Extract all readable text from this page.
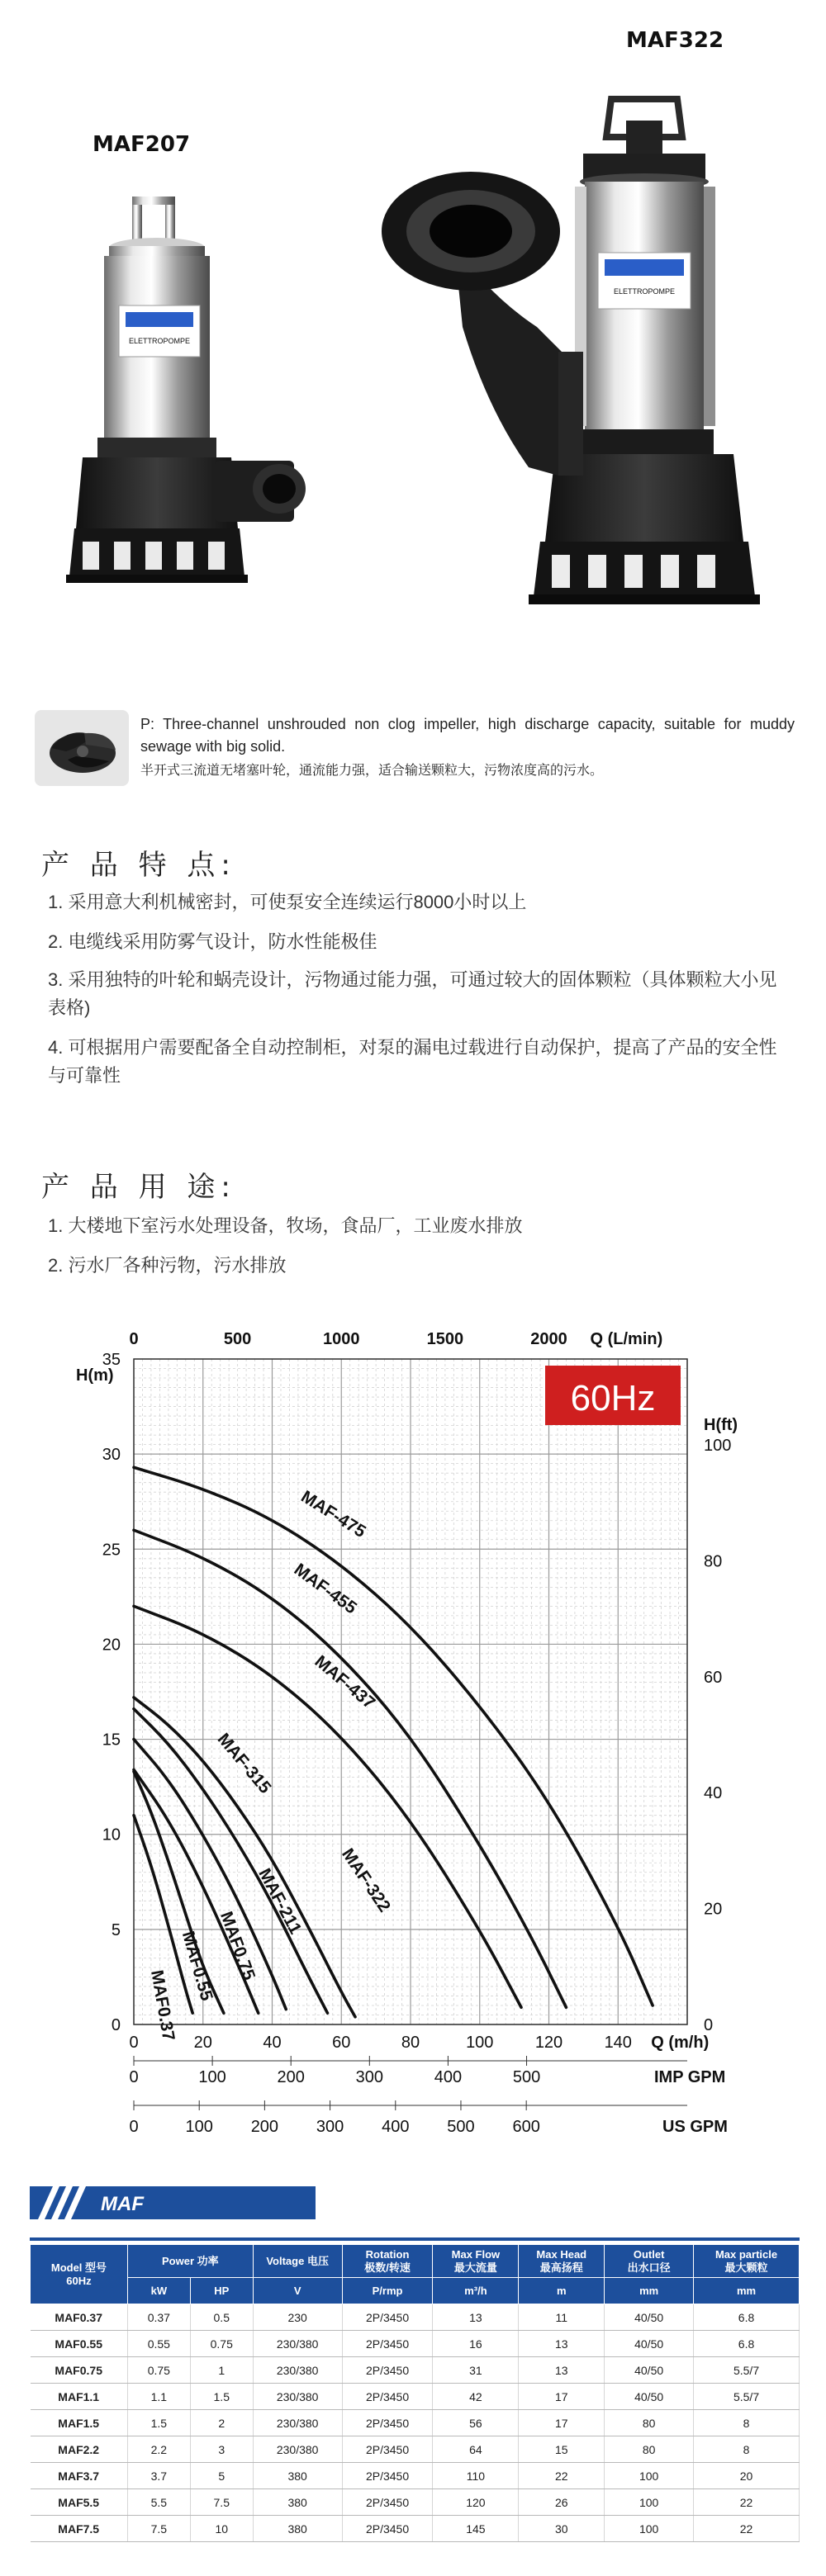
MAF322
MAF207
ELETTROPOMPE
ELETTROPOMPE
P: Three-channel unshrouded non clog impeller, high discharge capacity, suitable for muddy sewage with big solid.
半开式三流道无堵塞叶轮，通流能力强，适合输送颗粒大，污物浓度高的污水。
产 品 特 点:
1. 采用意大利机械密封，可使泵安全连续运行8000小时以上
2. 电缆线采用防雾气设计，防水性能极佳
3. 采用独特的叶轮和蜗壳设计，污物通过能力强，可通过较大的固体颗粒（具体颗粒大小见表格)
4. 可根据用户需要配备全自动控制柜，对泵的漏电过载进行自动保护，提高了产品的安全性与可靠性
产 品 用 途:
1. 大楼地下室污水处理设备，牧场，食品厂，工业废水排放
2. 污水厂各种污物，污水排放
0
5
10
15
20
25
30
35
H(m)
0
20
40
60
80
100
H(ft)
0	500	1000	1500	2000 Q (L/min)
0	20	40	60	80	100	120	140 Q (m/h)
0	100	200	300	400	500	IMP GPM
0	100 200 300 400 500 600	US GPM
60Hz
MAF-475
MAF-455
MAF-437
MAF-322
MAF-315
MAF-211
MAF0.75
MAF0.55
MAF0.37
MAF
Model 型号
60Hz	Power 功率		Voltage 电压	Rotation
极数/转速	Max Flow
最大流量	Max Head
最高扬程	Outlet
出水口径	Max particle
最大颗粒
	kW	HP	V	P/rmp	m³/h	m	mm	mm
MAF0.37	0.37	0.5	230	2P/3450	13	11	40/50	6.8
MAF0.55	0.55	0.75	230/380	2P/3450	16	13	40/50	6.8
MAF0.75	0.75	1	230/380	2P/3450	31	13	40/50	5.5/7
MAF1.1	1.1	1.5	230/380	2P/3450	42	17	40/50	5.5/7
MAF1.5	1.5	2	230/380	2P/3450	56	17	80	8
MAF2.2	2.2	3	230/380	2P/3450	64	15	80	8
MAF3.7	3.7	5	380	2P/3450	110	22	100	20
MAF5.5	5.5	7.5	380	2P/3450	120	26	100	22
MAF7.5	7.5	10	380	2P/3450	145	30	100	22
